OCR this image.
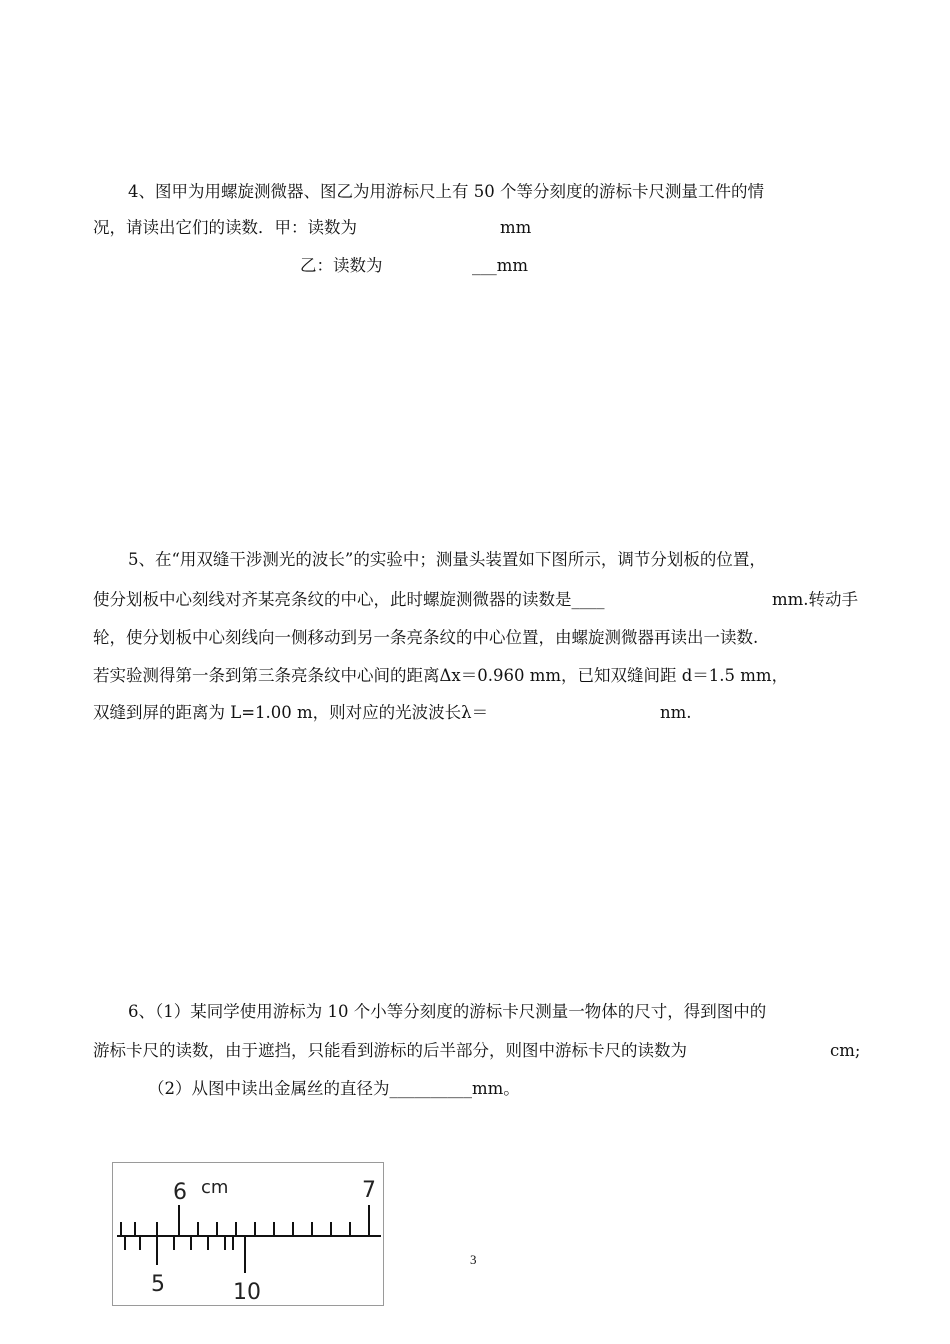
4、图甲为用螺旋测微器、图乙为用游标尺上有 50 个等分刻度的游标卡尺测量工件的情
况，请读出它们的读数．甲：读数为	mm
乙：读数为	___mm
5、在“用双缝干涉测光的波长”的实验中；测量头装置如下图所示，调节分划板的位置，
使分划板中心刻线对齐某亮条纹的中心，此时螺旋测微器的读数是____	mm.转动手
轮，使分划板中心刻线向一侧移动到另一条亮条纹的中心位置，由螺旋测微器再读出一读数.
若实验测得第一条到第三条亮条纹中心间的距离Δx＝0.960 mm，已知双缝间距 d＝1.5 mm，
双缝到屏的距离为 L=1.00 m，则对应的光波波长λ＝	nm.
6、（1）某同学使用游标为 10 个小等分刻度的游标卡尺测量一物体的尺寸，得到图中的
游标卡尺的读数，由于遮挡，只能看到游标的后半部分，则图中游标卡尺的读数为	cm;
（2）从图中读出金属丝的直径为__________mm。
6 cm	7
5	10
3
